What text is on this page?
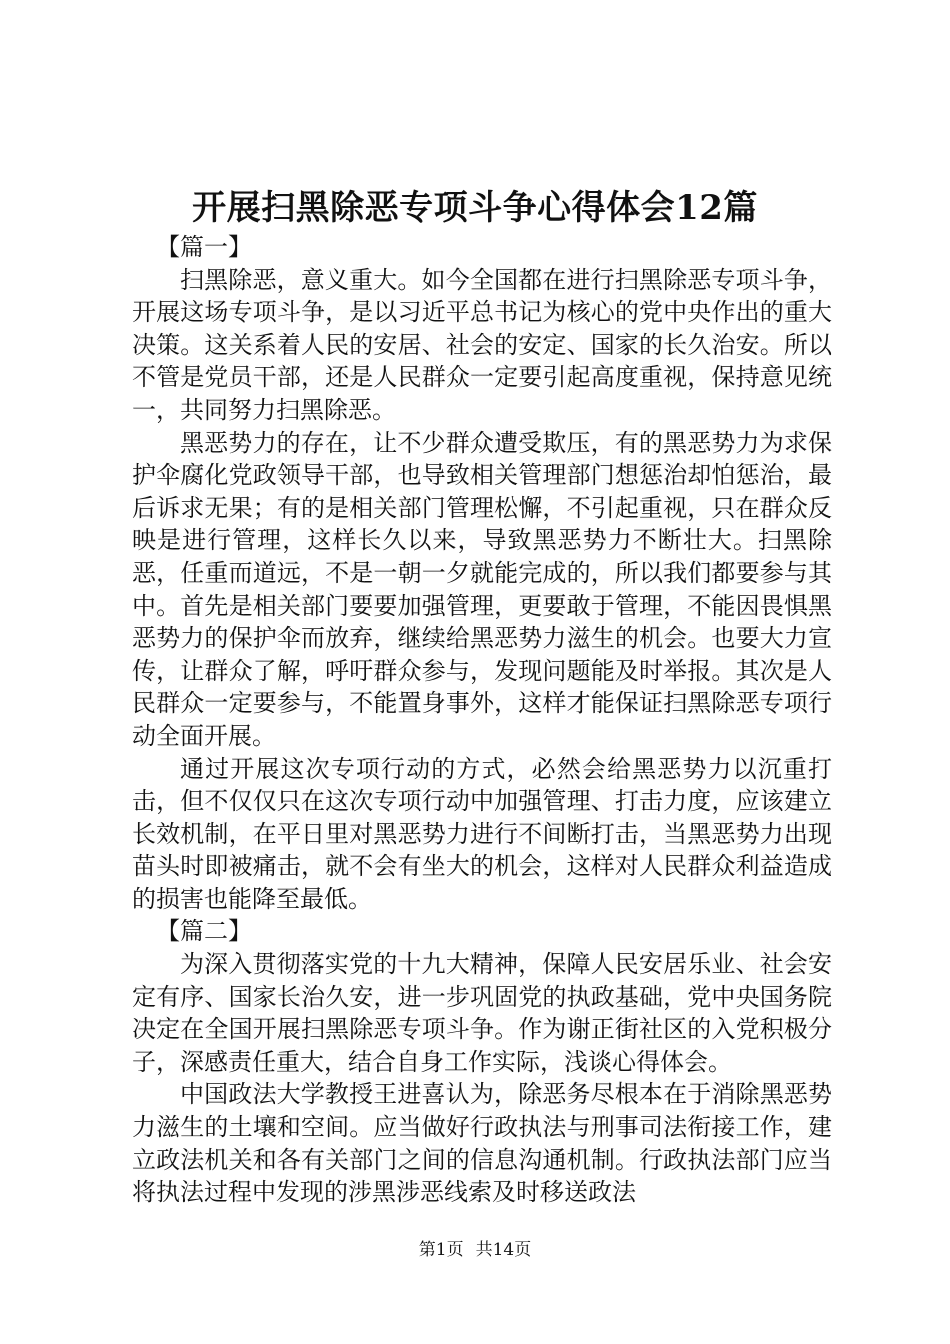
开展扫黑除恶专项斗争心得体会12篇

【篇一】

扫黑除恶，意义重大。如今全国都在进行扫黑除恶专项斗争，开展这场专项斗争，是以习近平总书记为核心的党中央作出的重大决策。这关系着人民的安居、社会的安定、国家的长久治安。所以不管是党员干部，还是人民群众一定要引起高度重视，保持意见统一，共同努力扫黑除恶。

黑恶势力的存在，让不少群众遭受欺压，有的黑恶势力为求保护伞腐化党政领导干部，也导致相关管理部门想惩治却怕惩治，最后诉求无果；有的是相关部门管理松懈，不引起重视，只在群众反映是进行管理，这样长久以来，导致黑恶势力不断壮大。扫黑除恶，任重而道远，不是一朝一夕就能完成的，所以我们都要参与其中。首先是相关部门要要加强管理，更要敢于管理，不能因畏惧黑恶势力的保护伞而放弃，继续给黑恶势力滋生的机会。也要大力宣传，让群众了解，呼吁群众参与，发现问题能及时举报。其次是人民群众一定要参与，不能置身事外，这样才能保证扫黑除恶专项行动全面开展。

通过开展这次专项行动的方式，必然会给黑恶势力以沉重打击，但不仅仅只在这次专项行动中加强管理、打击力度，应该建立长效机制，在平日里对黑恶势力进行不间断打击，当黑恶势力出现苗头时即被痛击，就不会有坐大的机会，这样对人民群众利益造成的损害也能降至最低。

【篇二】

为深入贯彻落实党的十九大精神，保障人民安居乐业、社会安定有序、国家长治久安，进一步巩固党的执政基础，党中央国务院决定在全国开展扫黑除恶专项斗争。作为谢正街社区的入党积极分子，深感责任重大，结合自身工作实际，浅谈心得体会。

中国政法大学教授王进喜认为，除恶务尽根本在于消除黑恶势力滋生的土壤和空间。应当做好行政执法与刑事司法衔接工作，建立政法机关和各有关部门之间的信息沟通机制。行政执法部门应当将执法过程中发现的涉黑涉恶线索及时移送政法

第1页 共14页
